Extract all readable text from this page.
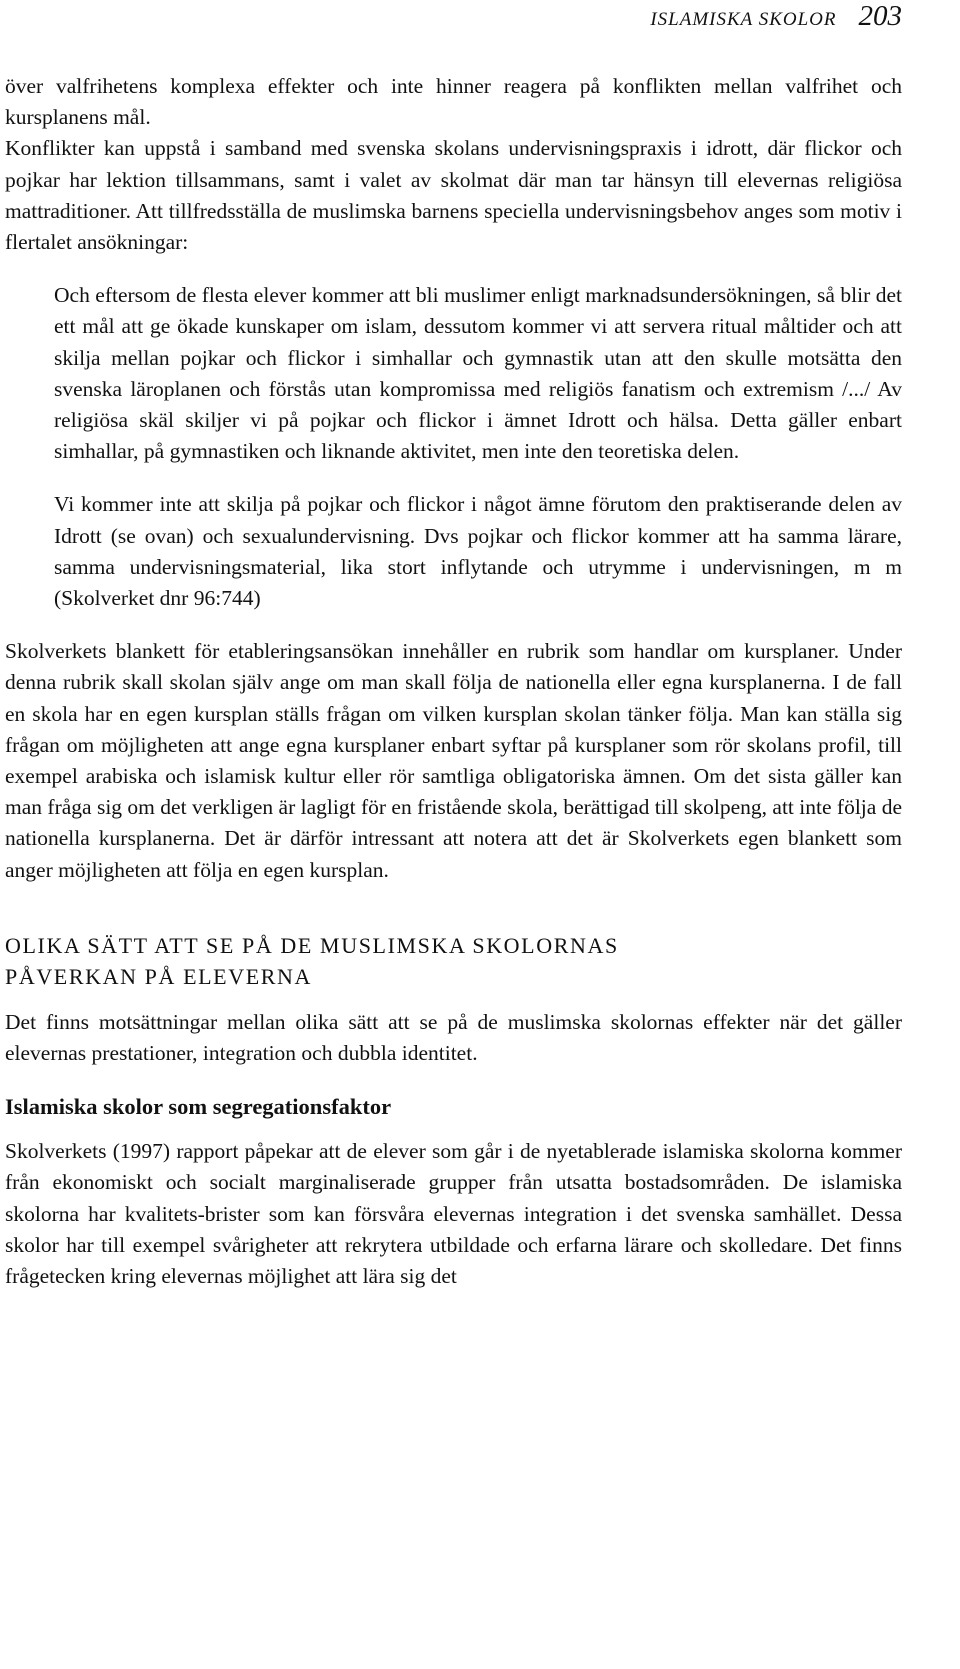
ISLAMISKA SKOLOR 203

över valfrihetens komplexa effekter och inte hinner reagera på konflikten mellan valfrihet och kursplanens mål.

Konflikter kan uppstå i samband med svenska skolans undervisningspraxis i idrott, där flickor och pojkar har lektion tillsammans, samt i valet av skolmat där man tar hänsyn till elevernas religiösa mattraditioner. Att tillfredsställa de muslimska barnens speciella undervisningsbehov anges som motiv i flertalet ansökningar:

Och eftersom de flesta elever kommer att bli muslimer enligt marknadsundersökningen, så blir det ett mål att ge ökade kunskaper om islam, dessutom kommer vi att servera ritual måltider och att skilja mellan pojkar och flickor i simhallar och gymnastik utan att den skulle motsätta den svenska läroplanen och förstås utan kompromissa med religiös fanatism och extremism /.../ Av religiösa skäl skiljer vi på pojkar och flickor i ämnet Idrott och hälsa. Detta gäller enbart simhallar, på gymnastiken och liknande aktivitet, men inte den teoretiska delen.

Vi kommer inte att skilja på pojkar och flickor i något ämne förutom den praktiserande delen av Idrott (se ovan) och sexualundervisning. Dvs pojkar och flickor kommer att ha samma lärare, samma undervisningsmaterial, lika stort inflytande och utrymme i undervisningen, m m (Skolverket dnr 96:744)

Skolverkets blankett för etableringsansökan innehåller en rubrik som handlar om kursplaner. Under denna rubrik skall skolan själv ange om man skall följa de nationella eller egna kursplanerna. I de fall en skola har en egen kursplan ställs frågan om vilken kursplan skolan tänker följa. Man kan ställa sig frågan om möjligheten att ange egna kursplaner enbart syftar på kursplaner som rör skolans profil, till exempel arabiska och islamisk kultur eller rör samtliga obligatoriska ämnen. Om det sista gäller kan man fråga sig om det verkligen är lagligt för en fristående skola, berättigad till skolpeng, att inte följa de nationella kursplanerna. Det är därför intressant att notera att det är Skolverkets egen blankett som anger möjligheten att följa en egen kursplan.

OLIKA SÄTT ATT SE PÅ DE MUSLIMSKA SKOLORNAS
PÅVERKAN PÅ ELEVERNA

Det finns motsättningar mellan olika sätt att se på de muslimska skolornas effekter när det gäller elevernas prestationer, integration och dubbla identitet.

Islamiska skolor som segregationsfaktor

Skolverkets (1997) rapport påpekar att de elever som går i de nyetablerade islamiska skolorna kommer från ekonomiskt och socialt marginaliserade grupper från utsatta bostadsområden. De islamiska skolorna har kvalitets-brister som kan försvåra elevernas integration i det svenska samhället. Dessa skolor har till exempel svårigheter att rekrytera utbildade och erfarna lärare och skolledare. Det finns frågetecken kring elevernas möjlighet att lära sig det
